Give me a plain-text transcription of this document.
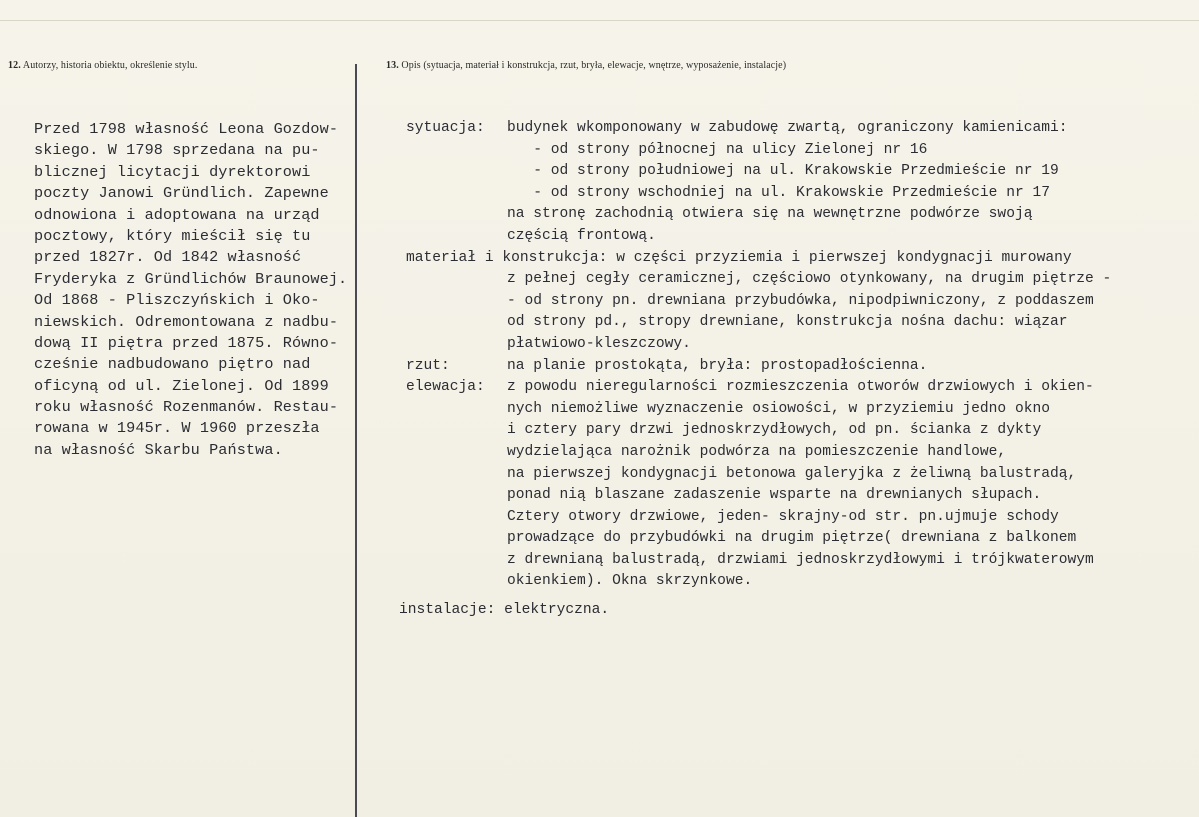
12. Autorzy, historia obiektu, określenie stylu.	13. Opis (sytuacja, materiał i konstrukcja, rzut, bryła, elewacje, wnętrze, wyposażenie, instalacje)
Przed 1798 własność Leona Gozdow-
skiego. W 1798 sprzedana na pu-
blicznej licytacji dyrektorowi
poczty Janowi Gründlich. Zapewne
odnowiona i adoptowana na urząd
pocztowy, który mieścił się tu
przed 1827r. Od 1842 własność
Fryderyka z Gründlichów Braunowej.
Od 1868 - Pliszczyńskich i Oko-
niewskich. Odremontowana z nadbu-
dową II piętra przed 1875. Równo-
cześnie nadbudowano piętro nad
oficyną od ul. Zielonej. Od 1899
roku własność Rozenmanów. Restau-
rowana w 1945r. W 1960 przeszła
na własność Skarbu Państwa.
sytuacja: budynek wkomponowany w zabudowę zwartą, ograniczony kamienicami:
- od strony północnej na ulicy Zielonej nr 16
- od strony południowej na ul. Krakowskie Przedmieście nr 19
- od strony wschodniej na ul. Krakowskie Przedmieście nr 17
na stronę zachodnią otwiera się na wewnętrzne podwórze swoją
częścią frontową.
materiał i konstrukcja: w części przyziemia i pierwszej kondygnacji murowany
z pełnej cegły ceramicznej, częściowo otynkowany, na drugim piętrze -
- od strony pn. drewniana przybudówka, nipodpiwniczony, z poddaszem
od strony pd., stropy drewniane, konstrukcja nośna dachu: wiązar
płatwiowo-kleszczowy.
rzut:	na planie prostokąta, bryła: prostopadłościenna.
elewacja: z powodu nieregularności rozmieszczenia otworów drzwiowych i okien-
nych niemożliwe wyznaczenie osiowości, w przyziemiu jedno okno
i cztery pary drzwi jednoskrzydłowych, od pn. ścianka z dykty
wydzielająca narożnik podwórza na pomieszczenie handlowe,
na pierwszej kondygnacji betonowa galeryjka z żeliwną balustradą,
ponad nią blaszane zadaszenie wsparte na drewnianych słupach.
Cztery otwory drzwiowe, jeden- skrajny-od str. pn.ujmuje schody
prowadzące do przybudówki na drugim piętrze( drewniana z balkonem
z drewnianą balustradą, drzwiami jednoskrzydłowymi i trójkwaterowym
okienkiem). Okna skrzynkowe.
instalacje: elektryczna.
